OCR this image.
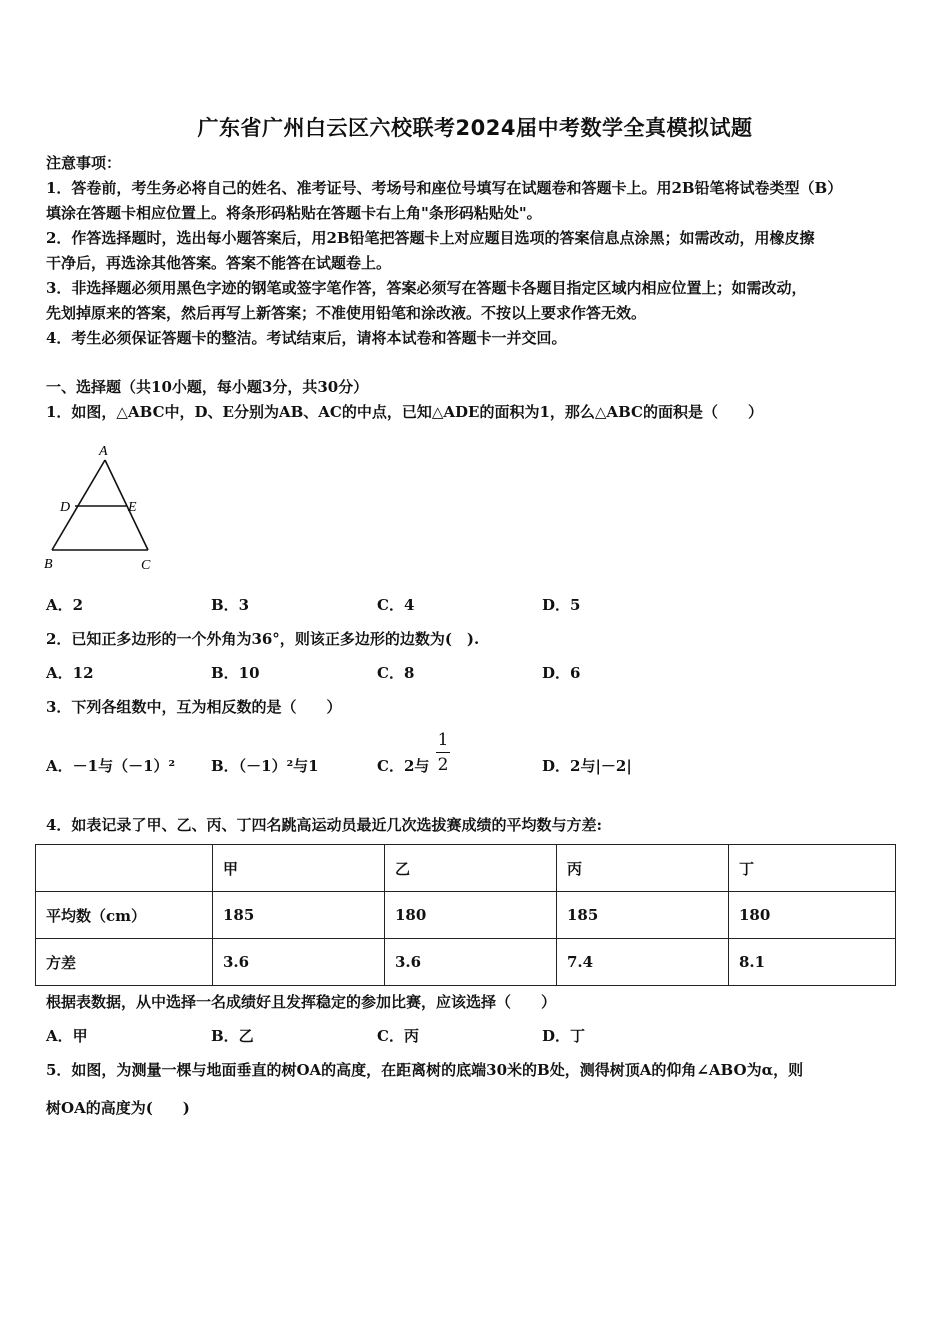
广东省广州白云区六校联考2024届中考数学全真模拟试题
注意事项：
1．答卷前，考生务必将自己的姓名、准考证号、考场号和座位号填写在试题卷和答题卡上。用2B铅笔将试卷类型（B）
填涂在答题卡相应位置上。将条形码粘贴在答题卡右上角"条形码粘贴处"。
2．作答选择题时，选出每小题答案后，用2B铅笔把答题卡上对应题目选项的答案信息点涂黑；如需改动，用橡皮擦
干净后，再选涂其他答案。答案不能答在试题卷上。
3．非选择题必须用黑色字迹的钢笔或签字笔作答，答案必须写在答题卡各题目指定区域内相应位置上；如需改动，
先划掉原来的答案，然后再写上新答案；不准使用铅笔和涂改液。不按以上要求作答无效。
4．考生必须保证答题卡的整洁。考试结束后，请将本试卷和答题卡一并交回。
一、选择题（共10小题，每小题3分，共30分）
1．如图，△ABC中，D、E分别为AB、AC的中点，已知△ADE的面积为1，那么△ABC的面积是（　　）
A
D	E
B	C
A．2	B．3	C．4	D．5
2．已知正多边形的一个外角为36°，则该正多边形的边数为(　).
A．12	B．10	C．8	D．6
3．下列各组数中，互为相反数的是（　　）
A．－1与（－1）² B．（－1）²与1	C．2与
1
2	D．2与|－2|
4．如表记录了甲、乙、丙、丁四名跳高运动员最近几次选拔赛成绩的平均数与方差:
	甲	乙	丙	丁
平均数（cm）	185	180	185	180
方差	3.6	3.6	7.4	8.1
根据表数据，从中选择一名成绩好且发挥稳定的参加比赛，应该选择（　　）
A．甲	B．乙	C．丙	D．丁
5．如图，为测量一棵与地面垂直的树OA的高度，在距离树的底端30米的B处，测得树顶A的仰角∠ABO为α，则
树OA的高度为(　　)
